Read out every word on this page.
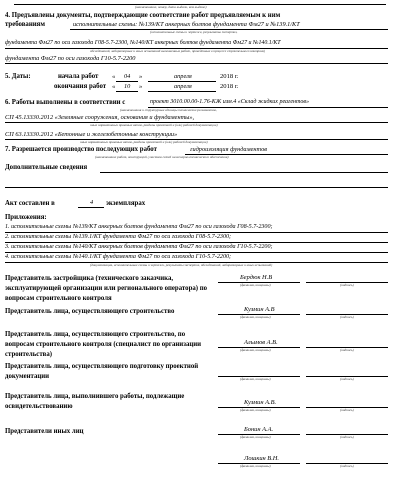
(наименование, номер, дата выдачи, кем выдано)
4. Предъявлены документы, подтверждающие соответствие работ предъявляемым к ним
требованиям	исполнительные схемы: №139/КТ анкерных болтов фундамента Фм27 и №139.1/КТ
(исполнительные схемы и чертежи, результаты экспертиз,
фундамента Фм27 по оси газохода Г08-5.7-2300, №140/КТ анкерных болтов фундамента Фм27 и №140.1/КТ
обследований, лабораторных и иных испытаний выполненных работ, проведенных в процессе строительного контроля)
фундамента Фм27 по оси газохода Г10-5.7-2200
5. Даты:	начала работ « 04 »	апреля	2018 г.
окончания работ « 10 »	апреля	2018 г.
6. Работы выполнены в соответствии с	проект 3010.00.00-1.76-КЖ изм.4 «Склад жидких реагентов»
(наименования и структурные единицы технических регламентов,
СП 45.13330.2012 «Земляные сооружения, основания и фундаменты»,
иных нормативных правовых актов, разделы проектной и (или) рабочей документации)
СП 63.13330.2012 «Бетонные и железобетонные конструкции»
иных нормативных правовых актов, разделы проектной и (или) рабочей документации)
7. Разрешается производство последующих работ	гидроизоляция фундаментов
(наименование работ, конструкций, участков сетей инженерно-технического обеспечения)
Дополнительные сведения
Акт составлен в	4 экземплярах
Приложения:
1. исполнительные схемы №139/КТ анкерных болтов фундамента Фм27 по оси газохода Г08-5.7-2300;
2. исполнительные схемы №139.1/КТ фундамента Фм27 по оси газохода Г08-5.7-2300;
3. исполнительные схемы №140/КТ анкерных болтов фундамента Фм27 по оси газохода Г10-5.7-2200;
4. исполнительные схемы №140.1/КТ фундамента Фм27 по оси газохода Г10-5.7-2200;
(документация, исполнительные схемы и чертежи, результаты экспертиз, обследований, лабораторных и иных испытаний)
Представитель застройщика (технического заказчика, эксплуатирующей организации или регионального оператора) по вопросам строительного контроля
Бердюк Н.В
(фамилия, инициалы)	(подпись)
Представитель лица, осуществляющего строительство	Кузмин А.В
(фамилия, инициалы)	(подпись)
Представитель лица, осуществляющего строительство, по вопросам строительного контроля (специалист по организации строительства)
Алымов А.В.
(фамилия, инициалы)	(подпись)
Представитель лица, осуществляющего подготовку проектной документации	(фамилия, инициалы)	(подпись)
Представитель лица, выполнившего работы, подлежащие освидетельствованию
Кузмин А.В.
(фамилия, инициалы)	(подпись)
Представители иных лиц	Бонин А.А.
(фамилия, инициалы)	(подпись)
Лошкин В.Н.
(фамилия, инициалы)	(подпись)
